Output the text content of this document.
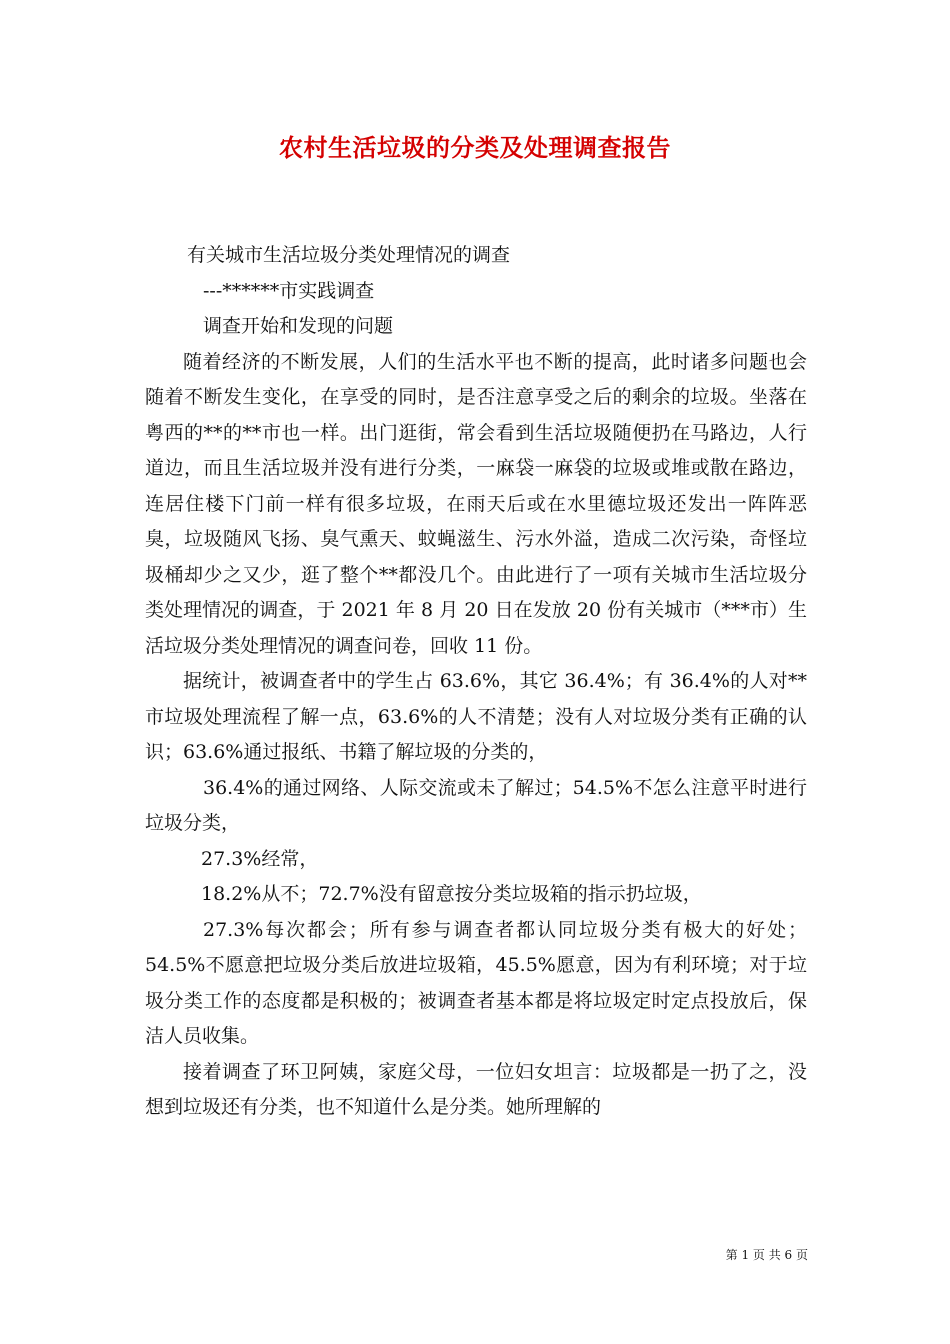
农村生活垃圾的分类及处理调查报告

有关城市生活垃圾分类处理情况的调查

---******市实践调查

调查开始和发现的问题

随着经济的不断发展，人们的生活水平也不断的提高，此时诸多问题也会随着不断发生变化，在享受的同时，是否注意享受之后的剩余的垃圾。坐落在粤西的**的**市也一样。出门逛街，常会看到生活垃圾随便扔在马路边，人行道边，而且生活垃圾并没有进行分类，一麻袋一麻袋的垃圾或堆或散在路边，连居住楼下门前一样有很多垃圾，在雨天后或在水里德垃圾还发出一阵阵恶臭，垃圾随风飞扬、臭气熏天、蚊蝇滋生、污水外溢，造成二次污染，奇怪垃圾桶却少之又少，逛了整个**都没几个。由此进行了一项有关城市生活垃圾分类处理情况的调查，于 2021 年 8 月 20 日在发放 20 份有关城市（***市）生活垃圾分类处理情况的调查问卷，回收 11 份。

据统计，被调查者中的学生占 63.6%，其它 36.4%；有 36.4%的人对**市垃圾处理流程了解一点，63.6%的人不清楚；没有人对垃圾分类有正确的认识；63.6%通过报纸、书籍了解垃圾的分类的，

36.4%的通过网络、人际交流或未了解过；54.5%不怎么注意平时进行垃圾分类，

27.3%经常，

18.2%从不；72.7%没有留意按分类垃圾箱的指示扔垃圾，

27.3%每次都会；所有参与调查者都认同垃圾分类有极大的好处；54.5%不愿意把垃圾分类后放进垃圾箱，45.5%愿意，因为有利环境；对于垃圾分类工作的态度都是积极的；被调查者基本都是将垃圾定时定点投放后，保洁人员收集。

接着调查了环卫阿姨，家庭父母，一位妇女坦言：垃圾都是一扔了之，没想到垃圾还有分类，也不知道什么是分类。她所理解的

第 1 页 共 6 页
